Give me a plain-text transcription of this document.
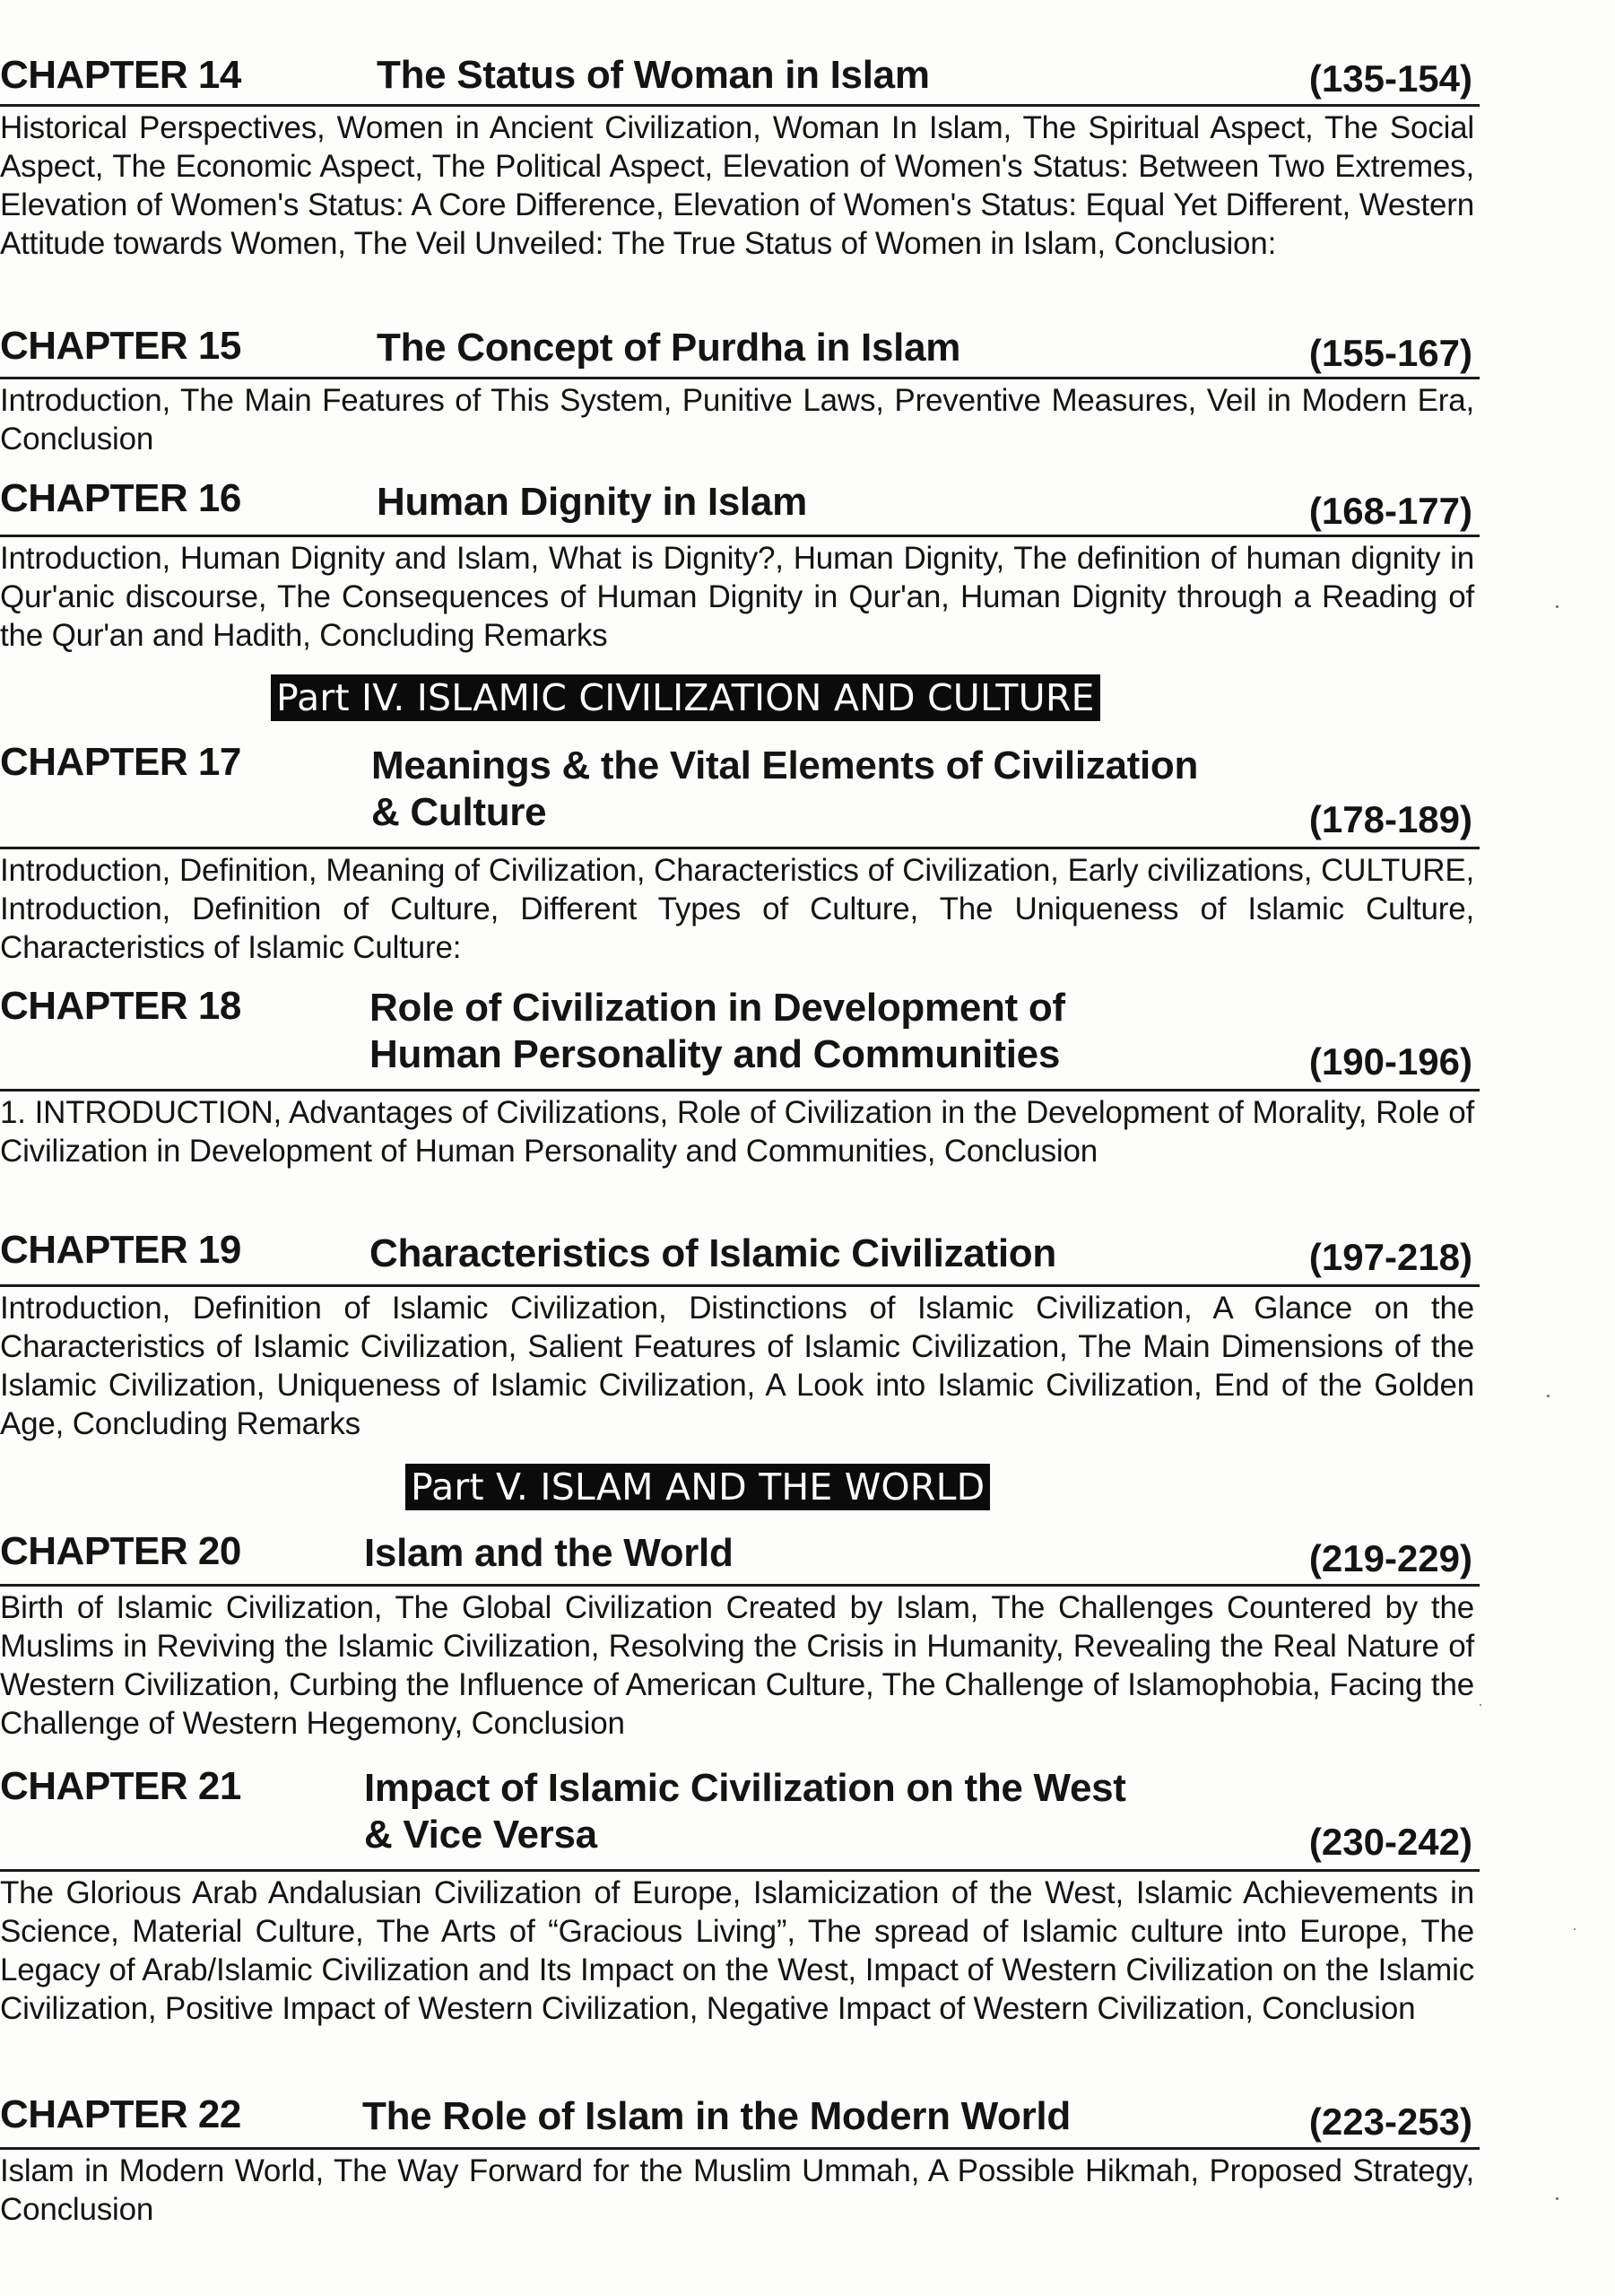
CHAPTER 14	The Status of Woman in Islam	(135-154)
Historical Perspectives, Women in Ancient Civilization, Woman In Islam, The Spiritual Aspect, The Social Aspect, The Economic Aspect, The Political Aspect, Elevation of Women's Status: Between Two Extremes, Elevation of Women's Status: A Core Difference, Elevation of Women's Status: Equal Yet Different, Western Attitude towards Women, The Veil Unveiled: The True Status of Women in Islam, Conclusion:
CHAPTER 15	The Concept of Purdha in Islam	(155-167)
Introduction, The Main Features of This System, Punitive Laws, Preventive Measures, Veil in Modern Era, Conclusion
CHAPTER 16	Human Dignity in Islam	(168-177)
Introduction, Human Dignity and Islam, What is Dignity?, Human Dignity, The definition of human dignity in Qur'anic discourse, The Consequences of Human Dignity in Qur'an, Human Dignity through a Reading of the Qur'an and Hadith, Concluding Remarks
Part IV. ISLAMIC CIVILIZATION AND CULTURE
CHAPTER 17	Meanings & the Vital Elements of Civilization
& Culture	(178-189)
Introduction, Definition, Meaning of Civilization, Characteristics of Civilization, Early civilizations, CULTURE, Introduction, Definition of Culture, Different Types of Culture, The Uniqueness of Islamic Culture, Characteristics of Islamic Culture:
CHAPTER 18	Role of Civilization in Development of
Human Personality and Communities	(190-196)
1. INTRODUCTION, Advantages of Civilizations, Role of Civilization in the Development of Morality, Role of Civilization in Development of Human Personality and Communities, Conclusion
CHAPTER 19	Characteristics of Islamic Civilization	(197-218)
Introduction, Definition of Islamic Civilization, Distinctions of Islamic Civilization, A Glance on the Characteristics of Islamic Civilization, Salient Features of Islamic Civilization, The Main Dimensions of the Islamic Civilization, Uniqueness of Islamic Civilization, A Look into Islamic Civilization, End of the Golden Age, Concluding Remarks
Part V. ISLAM AND THE WORLD
CHAPTER 20	Islam and the World	(219-229)
Birth of Islamic Civilization, The Global Civilization Created by Islam, The Challenges Countered by the Muslims in Reviving the Islamic Civilization, Resolving the Crisis in Humanity, Revealing the Real Nature of Western Civilization, Curbing the Influence of American Culture, The Challenge of Islamophobia, Facing the Challenge of Western Hegemony, Conclusion
CHAPTER 21	Impact of Islamic Civilization on the West
& Vice Versa	(230-242)
The Glorious Arab Andalusian Civilization of Europe, Islamicization of the West, Islamic Achievements in Science, Material Culture, The Arts of “Gracious Living”, The spread of Islamic culture into Europe, The Legacy of Arab/Islamic Civilization and Its Impact on the West, Impact of Western Civilization on the Islamic Civilization, Positive Impact of Western Civilization, Negative Impact of Western Civilization, Conclusion
CHAPTER 22	The Role of Islam in the Modern World	(223-253)
Islam in Modern World, The Way Forward for the Muslim Ummah, A Possible Hikmah, Proposed Strategy, Conclusion
